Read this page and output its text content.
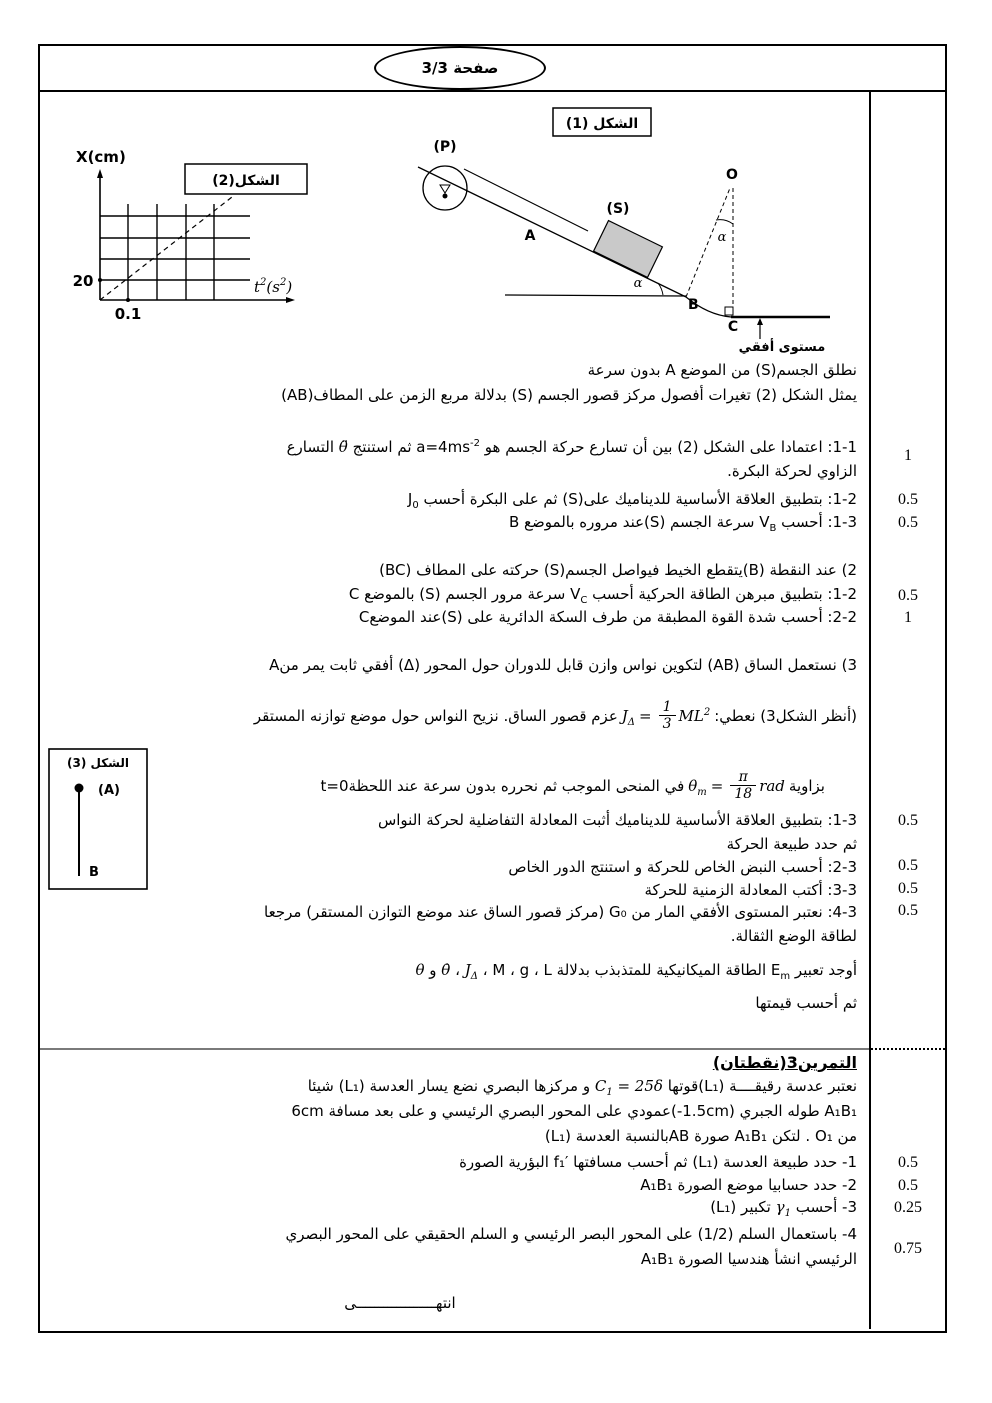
صفحة 3/3
الشكل (1)
(P)
A
(S)
α
B
O
α
C
مستوى أفقي
X(cm)
الشكل(2)
20
0.1
$t^2(s^2)$
الشكل (3)
(A)
B
نطلق الجسم(S) من الموضع A بدون سرعة
يمثل الشكل (2) تغيرات أفصول مركز قصور الجسم (S) بدلالة مربع الزمن على المطاف(AB)
1-1: اعتمادا على الشكل (2) بين أن تسارع حركة الجسم هو $a=4ms^{-2}$ ثم استنتج θ̈ التسارع
الزاوي لحركة البكرة.
1-2: بتطبيق العلاقة الأساسية للديناميك على(S) ثم على البكرة أحسب $J_0$
1-3: أحسب $V_B$ سرعة الجسم (S)عند مروره بالموضع B
2) عند النقطة (B)يتقطع الخيط فيواصل الجسم(S) حركته على المطاف (BC)
1-2: بتطبيق مبرهن الطاقة الحركية أحسب $V_C$ سرعة مرور الجسم (S) بالموضع C
2-2: أحسب شدة القوة المطبقة من طرف السكة الدائرية على (S)عند الموضعC
3) نستعمل الساق (AB) لتكوين نواس وازن قابل للدوران حول المحور (Δ) أفقي ثابت يمر منA
(أنظر الشكل3) نعطي:
$J_\Delta = \frac{1}{3} ML^2$
عزم قصور الساق. نزيح النواس حول موضع توازنه المستقر
بزاوية
$\theta_m = \frac{\pi}{18}$ rad
في المنحى الموجب ثم نحرره بدون سرعة عند اللحظة
t=0
1-3: بتطبيق العلاقة الأساسية للديناميك أثبت المعادلة التفاضلية لحركة النواس
ثم حدد طبيعة الحركة
2-3: أحسب النبض الخاص للحركة و استنتج الدور الخاص
3-3: أكتب المعادلة الزمنية للحركة
4-3: نعتبر المستوى الأفقي المار من G₀ (مركز قصور الساق عند موضع التوازن المستقر) مرجعا
لطاقة الوضع الثقالة.
أوجد تعبير $E_m$ الطاقة الميكانيكية للمتذبذب بدلالة M ، g ، L ، $J_\Delta$ ، θ̇ و θ
ثم أحسب قيمتها
التمرين3(نقطتان)
نعتبر عدسة رقيقــــة (L₁)قوتها $C_1 = 25\delta$ و مركزها البصري نضع يسار العدسة (L₁) شيئا
A₁B₁ طوله الجبري (-1.5cm)عمودي على المحور البصري الرئيسي و على بعد مسافة 6cm
من O₁ . لتكن A₁B₁ صورة ABبالنسبة العدسة (L₁)
1- حدد طبيعة العدسة (L₁) ثم أحسب مسافتها f₁′ البؤرية الصورة
2- حدد حسابيا موضع الصورة A₁B₁
3- أحسب $\gamma_1$ تكبير (L₁)
4- باستعمال السلم (1/2) على المحور البصر الرئيسي و السلم الحقيقي على المحور البصري
الرئيسي انشأ هندسيا الصورة A₁B₁
انتهــــــــــــــــــى
1
0.5
0.5
0.5
1
0.5
0.5
0.5
0.5
0.5
0.5
0.25
0.75
